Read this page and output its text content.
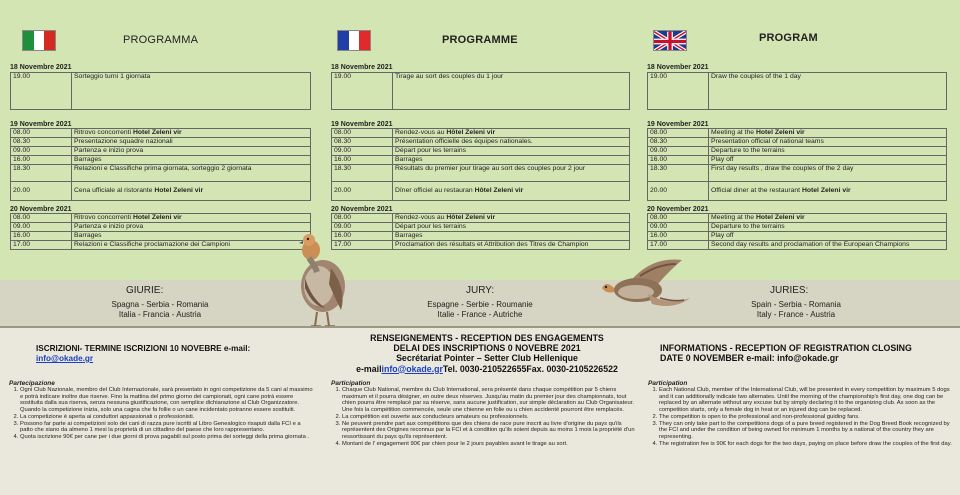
PROGRAMMA
18 Novembre 2021
19.00	Sorteggio turni 1 giornata
19 Novembre 2021
08.00	Ritrovo concorrenti Hotel Zeleni vir
08.30	Presentazione squadre nazionali
09.00	Partenza e inizio prova
16.00	Barrages
18.30	Relazioni e Classifiche prima giornata, sorteggio 2 giornata
20.00	Cena ufficiale al ristorante Hotel Zeleni vir
20 Novembre 2021
08.00	Ritrovo concorrenti Hotel Zeleni vir
09.00	Partenza e inizio prova
16.00	Barrages
17.00	Relazioni e Classifiche proclamazione dei Campioni
PROGRAMME
18 Novembre 2021
19.00	Tirage au sort des couples du 1 jour
19 Novembre 2021
08.00	Rendez-vous au Hôtel Zeleni vir
08.30	Présentation officielle des équipes nationales.
09.00	Départ pour les terrains
16.00	Barrages
18.30	Résultats du premier jour tirage au sort des couples pour 2 jour
20.00	Dîner officiel au restauran Hôtel Zeleni vir
20 Novembre 2021
08.00	Rendez-vous au Hôtel Zeleni vir
09.00	Départ pour les terrains
16.00	Barrages
17.00	Proclamation des résultats et Attribution des Titres de Champion
PROGRAM
18 November 2021
19.00	Draw the couples of the 1 day
19 November 2021
08.00	Meeting at the Hotel Zeleni vir
08.30	Presentation official of national teams
09.00	Departure to the terrains
16.00	Play off
18.30	First day results , draw the couples of the 2 day
20.00	Official diner at the restaurant Hotel Zeleni vir
20 November 2021
08.00	Meeting at the Hotel Zeleni vir
09.00	Departure to the terrains
16.00	Play off
17.00	Second day results and proclamation of the European Champions
GIURIE:
Spagna - Serbia - Romania
Italia - Francia - Austria
JURY:
Espagne - Serbie - Roumanie
Italie - France - Autriche
JURIES:
Spain - Serbia - Romania
Italy - France - Austria
ISCRIZIONI- TERMINE ISCRIZIONI 10 NOVEBRE e-mail:
info@okade.gr
RENSEIGNEMENTS - RECEPTION DES ENGAGEMENTS
DELAI DES INSCRIPTIONS 0 NOVEBRE 2021
Secrétariat Pointer – Setter Club Hellenique
e-mailinfo@okade.grTel. 0030-210522655Fax. 0030-2105226522
INFORMATIONS - RECEPTION OF REGISTRATION CLOSING
DATE 0 NOVEMBER e-mail: info@okade.gr
Partecipazione
1. Ogni Club Nazionale, membro del Club Internazionale, sarà presentato in ogni competizione da 5 cani al massimo e potrà indicare inoltre due riserve. Fino la mattina del primo giorno dei campionati, ogni cane potrà essere sostituita dalla sua riserva, senza nessuna giustificazione, con semplice dichiarazione al Club Organizzatore. Quando la competizione inizia, solo una cagna che fa follie o un cane incidentato potranno essere sostituiti.
2. La competizione è aperta ai conduttori appassionati o professionisti.
3. Possono far parte ai competizioni solo dei cani di razza pure iscritti al Libro Genealogico risaputi dalla FCI e a patto che siano da almeno 1 mesi la proprietà di un cittadino del paese che loro rappresentano.
4. Quota iscrizione 90€ per cane per i due giorni di prova pagabili sul posto prima dei sorteggi della prima giornata .
Participation
1. Chaque Club National, membre du Club International, sera présenté dans chaque compétition par 5 chiens maximum et il pourra désigner, en outre deux réserves. Jusqu'au matin du premier jour des championnats, tout chien pourra être remplacé par sa réserve, sans aucune justification, sur simple déclaration au Club Organisateur. Une fois la compétition commencée, seule une chienne en folie ou u chien accidenté pourront être remplacés.
2. La compétition est ouverte aux conducteurs amateurs ou professionnels.
3. Ne peuvent prendre part aux compétitions que des chiens de race pure inscrit au livre d'origine du pays qu'ils représentent des Origines reconnus par la FCI et à condition qu'ils soient depuis au moins 1 mois la propriété d'un ressortissant du pays qu'ils représentent.
4. Montant de l' engagement 90€ par chien pour le 2 jours payables avant le tirage au sort.
Participation
1. Each National Club, member of the International Club, will be presented in every competition by maximum 5 dogs and it can additionally indicate two alternates. Until the morning of the championship's first day, one dog can be replaced by an alternate without any excuse but by simply declaring it to the organizing club. As soon as the competition starts, only a female dog in heat or an injured dog can be replaced.
2. The competition is open to the professional and non-professional guiding fans.
3. They can only take part to the competitions dogs of a pure breed registered in the Dog Breed Book recognized by the FCI and under the condition of being owned for minimum 1 months by a national of the country they are representing.
4. The registration fee is 90€ for each dogs for the two days, paying on place before draw the couples of the first day.
